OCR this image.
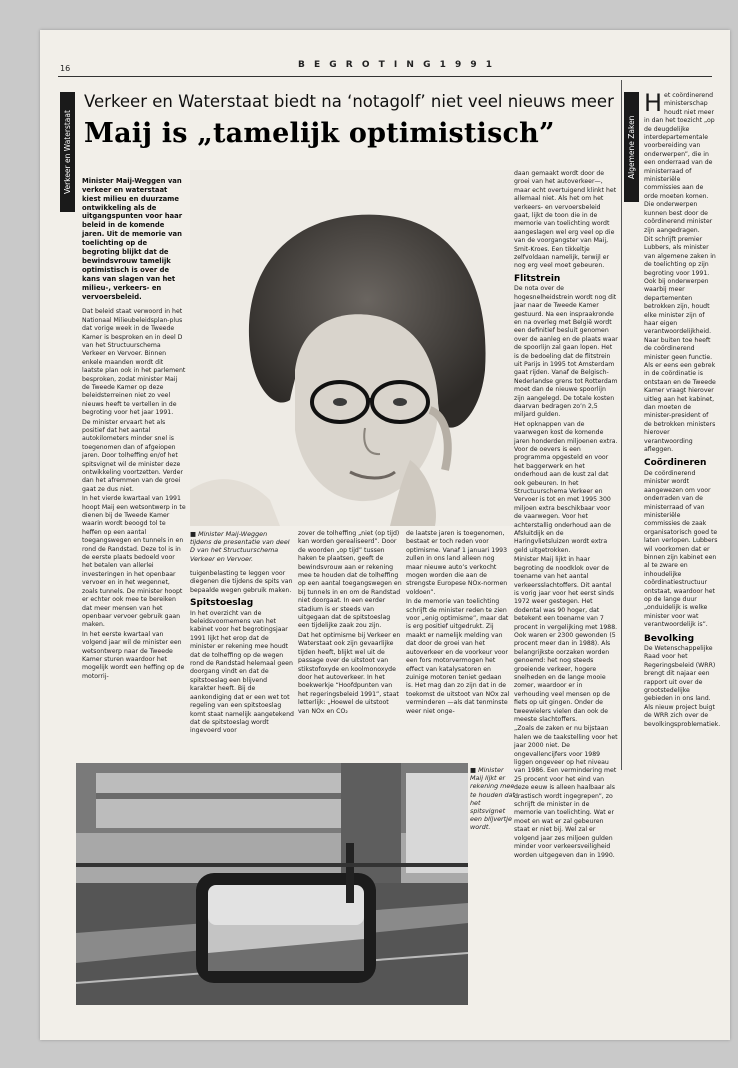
16	B E G R O T I N G 1 9 9 1
Verkeer en Waterstaat
Verkeer en Waterstaat biedt na ‘notagolf’ niet veel nieuws meer
Maij is „tamelijk optimistisch”

Minister Maij-Weggen van verkeer en waterstaat kiest milieu en duurzame ontwikkeling als de uitgangspunten voor haar beleid in de komende jaren. Uit de memorie van toelichting op de begroting blijkt dat de bewindsvrouw tamelijk optimistisch is over de kans van slagen van het milieu-, verkeers- en vervoersbeleid.

Dat beleid staat verwoord in het Nationaal Milieubeleidsplan-plus dat vorige week in de Tweede Kamer is besproken en in deel D van het Structuurschema Verkeer en Vervoer. Binnen enkele maanden wordt dit laatste plan ook in het parlement besproken, zodat minister Maij de Tweede Kamer op deze beleidsterreinen niet zo veel nieuws heeft te vertellen in de begroting voor het jaar 1991.

De minister ervaart het als positief dat het aantal autokilometers minder snel is toegenomen dan of afgeiopen jaren. Door tolheffing en/of het spitsvignet wil de minister deze ontwikkeling voortzetten. Verder dan het afremmen van de groei gaat ze dus niet.

In het vierde kwartaal van 1991 hoopt Maij een wetsontwerp in te dienen bij de Tweede Kamer waarin wordt beoogd tol te heffen op een aantal toegangswegen en tunnels in en rond de Randstad. Deze tol is in de eerste plaats bedoeld voor het betalen van allerlei investeringen in het openbaar vervoer en in het wegennet, zoals tunnels. De minister hoopt er echter ook mee te bereiken dat meer mensen van het openbaar vervoer gebruik gaan maken.

In het eerste kwartaal van volgend jaar wil de minister een wetsontwerp naar de Tweede Kamer sturen waardoor het mogelijk wordt een heffing op de motorrij-

■ Minister Maij-Weggen tijdens de presentatie van deel D van het Structuurschema Verkeer en Vervoer.

tuigenbelasting te leggen voor diegenen die tijdens de spits van bepaalde wegen gebruik maken.

Spitstoeslag

In het overzicht van de beleidsvoornemens van het kabinet voor het begrotingsjaar 1991 lijkt het erop dat de minister er rekening mee houdt dat de tolheffing op de wegen rond de Randstad helemaal geen doorgang vindt en dat de spitstoeslag een blijvend karakter heeft. Bij de aankondiging dat er een wet tot regeling van een spitstoeslag komt staat namelijk aangetekend dat de spitstoeslag wordt ingevoerd voor

zover de tolheffing „niet (op tijd) kan worden gerealiseerd”. Door de woorden „op tijd” tussen haken te plaatsen, geeft de bewindsvrouw aan er rekening mee te houden dat de tolheffing op een aantal toegangswegen en bij tunnels in en om de Randstad niet doorgaat. In een eerder stadium is er steeds van uitgegaan dat de spitstoeslag een tijdelijke zaak zou zijn.

Dat het optimisme bij Verkeer en Waterstaat ook zijn gevaarlijke tijden heeft, blijkt wel uit de passage over de uitstoot van stikstofoxyde en koolmonoxyde door het autoverkeer. In het boekwerkje “Hoofdpunten van het regeringsbeleid 1991”, staat letterlijk: „Hoewel de uitstoot van NOx en CO₂

de laatste jaren is toegenomen, bestaat er toch reden voor optimisme. Vanaf 1 januari 1993 zullen in ons land alleen nog maar nieuwe auto’s verkocht mogen worden die aan de strengste Europese NOx-normen voldoen”.

In de memorie van toelichting schrijft de minister reden te zien voor „enig optimisme”, maar dat is erg positief uitgedrukt. Zij maakt er namelijk melding van dat door de groei van het autoverkeer en de voorkeur voor een fors motorvermogen het effect van katalysatoren en zuinige motoren teniet gedaan is. Het mag dan zo zijn dat in de toekomst de uitstoot van NOx zal verminderen —als dat tenminste weer niet onge-

■ Minister Maij lijkt er rekening mee te houden dat het spitsvignet een blijvertje wordt.

daan gemaakt wordt door de groei van het autoverkeer—, maar echt overtuigend klinkt het allemaal niet. Als het om het verkeers- en vervoersbeleid gaat, lijkt de toon die in de memorie van toelichting wordt aangeslagen wel erg veel op die van de voorgangster van Maij, Smit-Kroes. Een tikkeltje zelfvoldaan namelijk, terwijl er nog erg veel moet gebeuren.

Flitstrein

De nota over de hogesnelheidstrein wordt nog dit jaar naar de Tweede Kamer gestuurd. Na een inspraakronde en na overleg met België wordt een definitief besluit genomen over de aanleg en de plaats waar de spoorlijn zal gaan lopen. Het is de bedoeling dat de flitstrein uit Parijs in 1995 tot Amsterdam gaat rijden. Vanaf de Belgisch-Nederlandse grens tot Rotterdam moet dan de nieuwe spoorlijn zijn aangelegd. De totale kosten daarvan bedragen zo’n 2,5 miljard gulden.

Het opknappen van de vaarwegen kost de komende jaren honderden miljoenen extra. Voor de oevers is een programma opgesteld en voor het baggerwerk en het onderhoud aan de kust zal dat ook gebeuren. In het Structuurschema Verkeer en Vervoer is tot en met 1995 300 miljoen extra beschikbaar voor de vaarwegen. Voor het achterstallig onderhoud aan de Afsluitdijk en de Haringvlietsluizen wordt extra geld uitgetrokken.

Minister Maij lijkt in haar begroting de noodklok over de toename van het aantal verkeersslachtoffers. Dit aantal is vorig jaar voor het eerst sinds 1972 weer gestegen. Het dodental was 90 hoger, dat betekent een toename van 7 procent in vergelijking met 1988. Ook waren er 2300 gewonden (5 procent meer dan in 1988). Als belangrijkste oorzaken worden genoemd: het nog steeds groeiende verkeer, hogere snelheden en de lange mooie zomer, waardoor er in verhouding veel mensen op de fiets op uit gingen. Onder de tweewielers vielen dan ook de meeste slachtoffers.

„Zoals de zaken er nu bijstaan halen we de taakstelling voor het jaar 2000 niet. De ongevallencijfers voor 1989 liggen ongeveer op het niveau van 1986. Een vermindering met 25 procent voor het eind van deze eeuw is alleen haalbaar als drastisch wordt ingegrepen”, zo schrijft de minister in de memorie van toelichting. Wat er moet en wat er zal gebeuren staat er niet bij. Wel zal er volgend jaar zes miljoen gulden minder voor verkeersveiligheid worden uitgegeven dan in 1990.

Algemene Zaken

Het coördinerend ministerschap houdt niet meer in dan het toezicht „op de deugdelijke interdepartementale voorbereiding van onderwerpen”, die in een onderraad van de ministerraad of ministeriële commissies aan de orde moeten komen. Die onderwerpen kunnen best door de coördinerend minister zijn aangedragen.

Dit schrijft premier Lubbers, als minister van algemene zaken in de toelichting op zijn begroting voor 1991. Ook bij onderwerpen waarbij meer departementen betrokken zijn, houdt elke minister zijn of haar eigen verantwoordelijkheid. Naar buiten toe heeft de coördinerend minister geen functie. Als er eens een gebrek in de coördinatie is ontstaan en de Tweede Kamer vraagt hierover uitleg aan het kabinet, dan moeten de minister-president of de betrokken ministers hierover verantwoording afleggen.

Coördineren

De coördinerend minister wordt aangewezen om voor onderraden van de ministerraad of van ministeriële commissies de zaak organisatorisch goed te laten verlopen. Lubbers wil voorkomen dat er binnen zijn kabinet een al te zware en inhoudelijke coördinatiestructuur ontstaat, waardoor het op de lange duur „onduidelijk is welke minister voor wat verantwoordelijk is”.

Bevolking

De Wetenschappelijke Raad voor het Regeringsbeleid (WRR) brengt dit najaar een rapport uit over de grootstedelijke gebieden in ons land. Als nieuw project buigt de WRR zich over de bevolkingsproblematiek.
